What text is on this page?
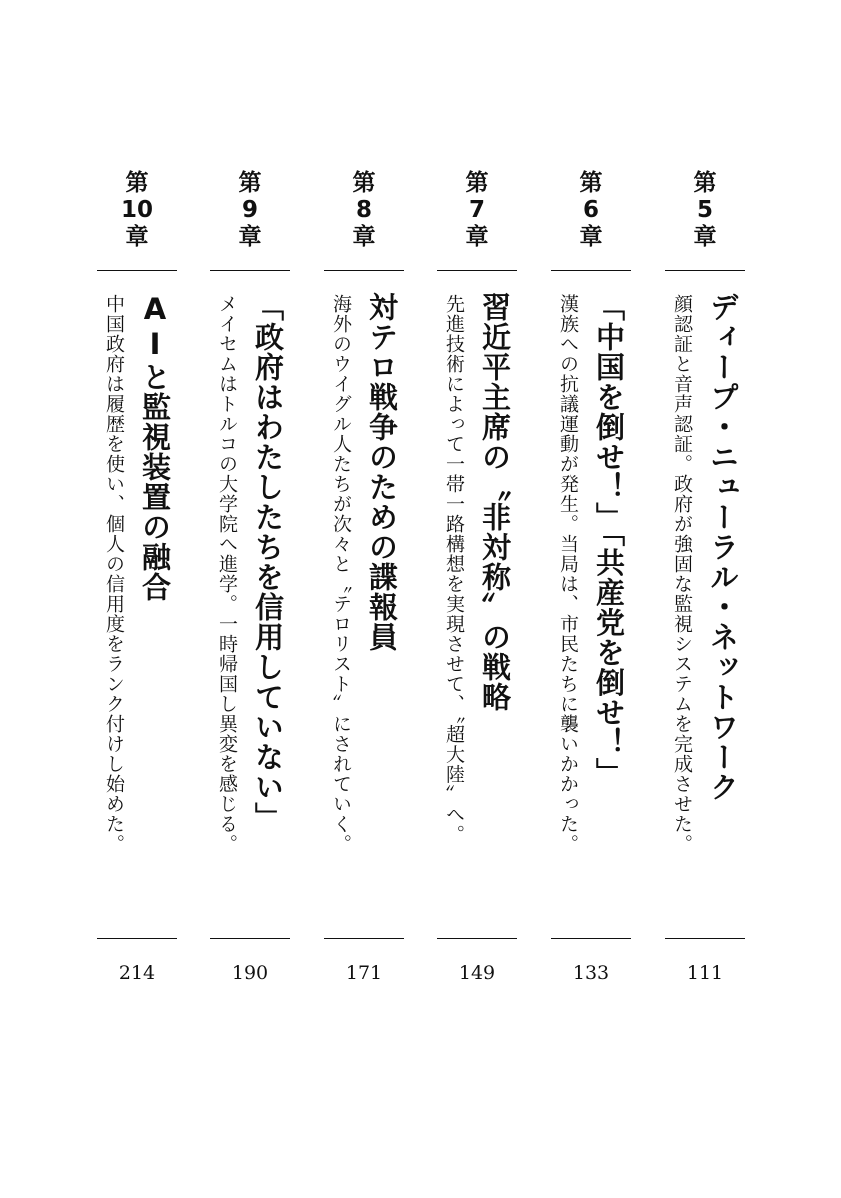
第
5
章
ディープ・ニューラル・ネットワーク
顔認証と音声認証。政府が強固な監視システムを完成させた。
111
第
6
章
「中国を倒せ！」「共産党を倒せ！」
漢族への抗議運動が発生。当局は、市民たちに襲いかかった。
133
第
7
章
習近平主席の〝非対称〟の戦略
先進技術によって一帯一路構想を実現させて、〝超大陸〟へ。
149
第
8
章
対テロ戦争のための諜報員
海外のウイグル人たちが次々と〝テロリスト〟にされていく。
171
第
9
章
「政府はわたしたちを信用していない」
メイセムはトルコの大学院へ進学。一時帰国し異変を感じる。
190
第
10
章
AIと監視装置の融合
中国政府は履歴を使い、個人の信用度をランク付けし始めた。
214
